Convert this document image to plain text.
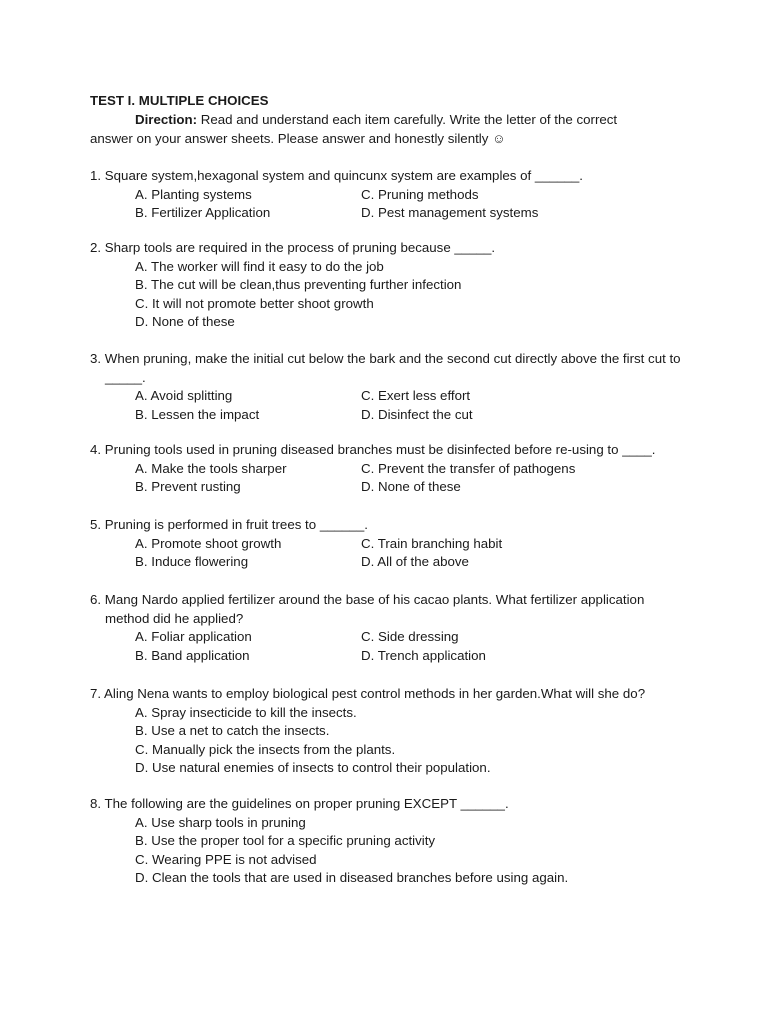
TEST I. MULTIPLE CHOICES
Direction: Read and understand each item carefully. Write the letter of the correct answer on your answer sheets. Please answer and honestly silently ☺
1. Square system,hexagonal system and quincunx system are examples of ______.
A. Planting systems	C. Pruning methods
B. Fertilizer Application	D. Pest management systems
2. Sharp tools are required in the process of pruning because _____.
A. The worker will find it easy to do the job
B. The cut will be clean,thus preventing further infection
C. It will not promote better shoot growth
D. None of these
3. When pruning, make the initial cut below the bark and the second cut directly above the first cut to _____.
A. Avoid splitting	C. Exert less effort
B. Lessen the impact	D. Disinfect the cut
4. Pruning tools used in pruning diseased branches must be disinfected before re-using to ____.
A. Make the tools sharper	C. Prevent the transfer of pathogens
B. Prevent rusting	D. None of these
5. Pruning is performed in fruit trees to ______.
A. Promote shoot growth	C. Train branching habit
B. Induce flowering	D. All of the above
6. Mang Nardo applied fertilizer around the base of his cacao plants. What fertilizer application method did he applied?
A. Foliar application	C. Side dressing
B. Band application	D. Trench application
7. Aling Nena wants to employ biological pest control methods in her garden.What will she do?
A. Spray insecticide to kill the insects.
B. Use a net to catch the insects.
C. Manually pick the insects from the plants.
D. Use natural enemies of insects to control their population.
8. The following are the guidelines on proper pruning EXCEPT ______.
A. Use sharp tools in pruning
B. Use the proper tool for a specific pruning activity
C. Wearing PPE is not advised
D. Clean the tools that are used in diseased branches before using again.
